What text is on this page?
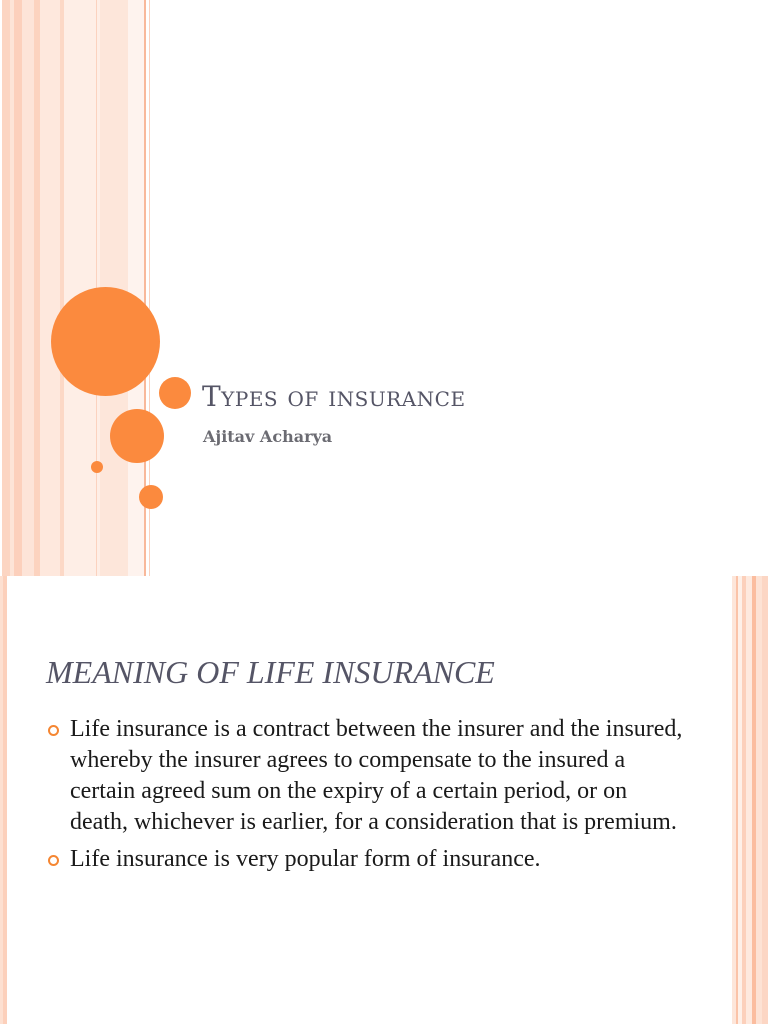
Types of insurance
Ajitav Acharya
MEANING OF LIFE INSURANCE
Life insurance is a contract between the insurer and the insured, whereby the insurer agrees to compensate to the insured a certain agreed sum on the expiry of a certain period, or on death, whichever is earlier, for a consideration that is premium.
Life insurance is very popular form of insurance.
